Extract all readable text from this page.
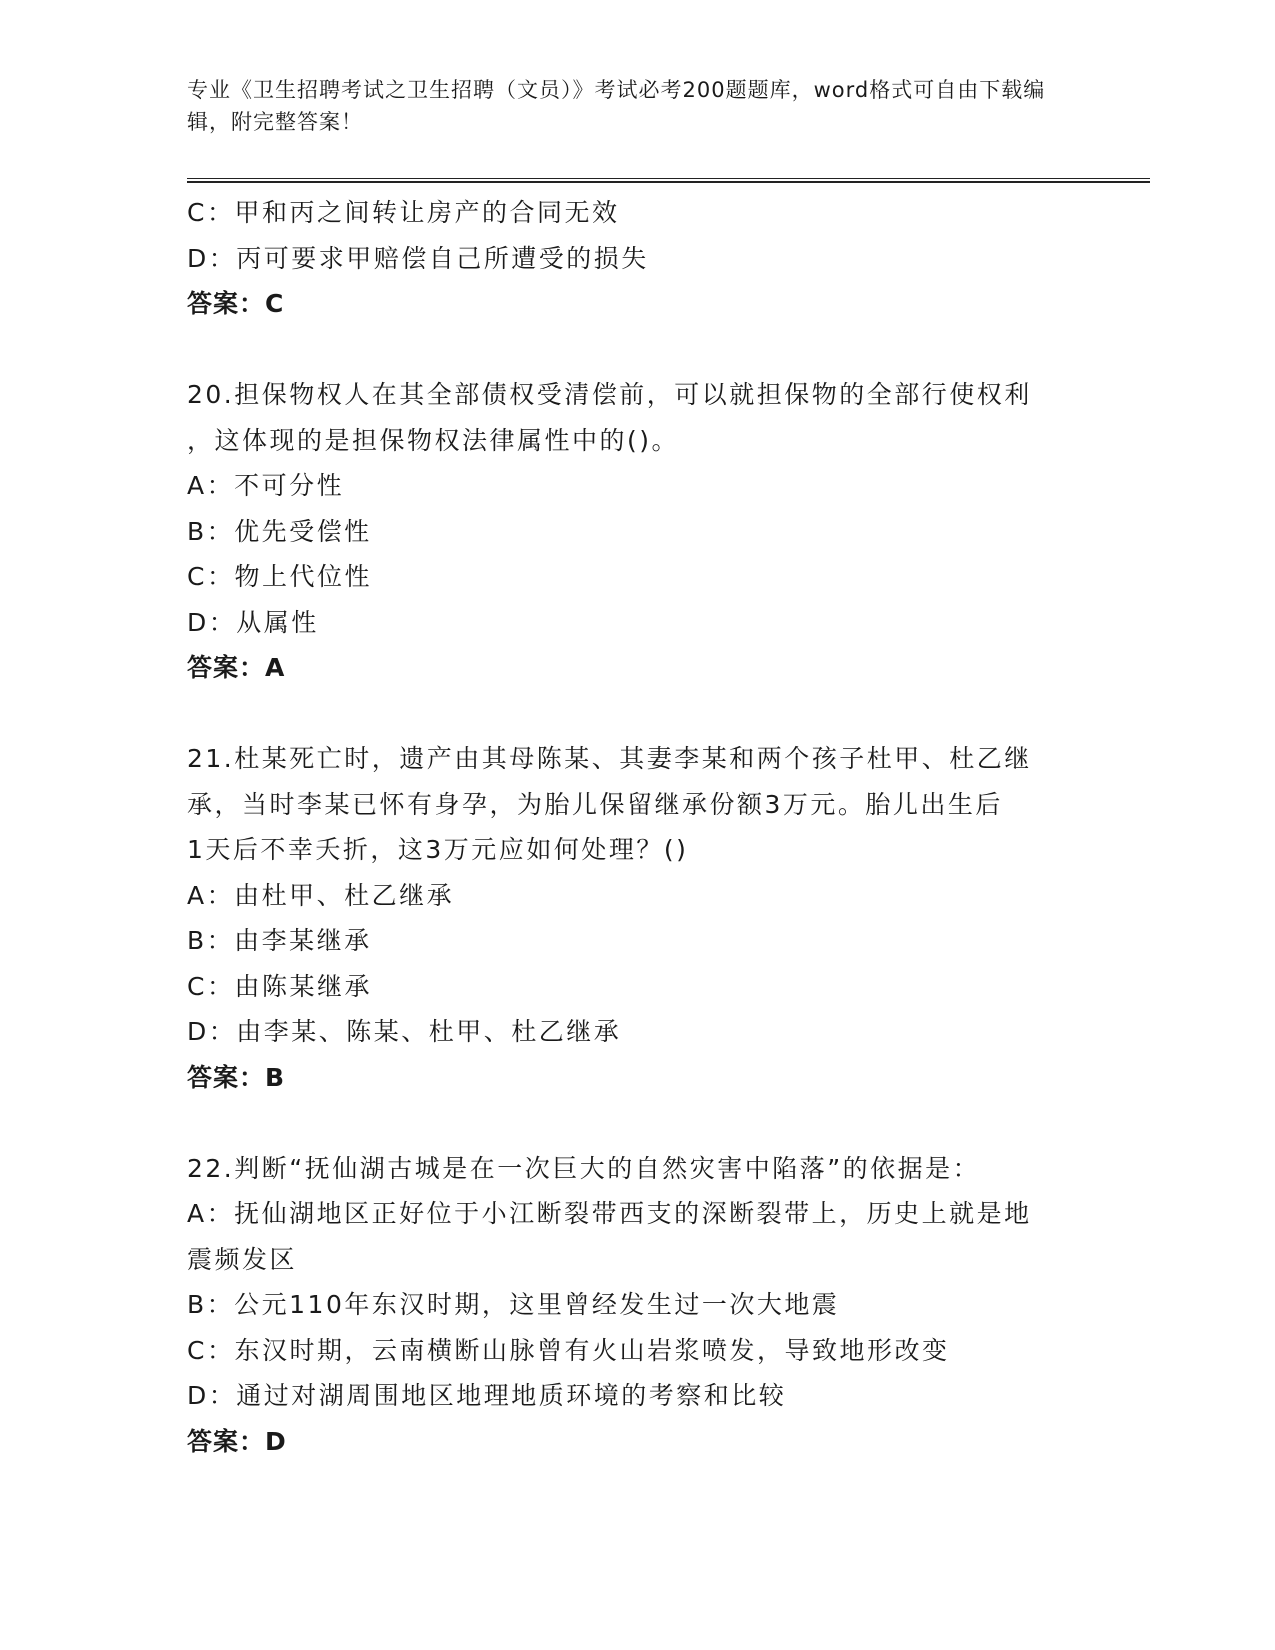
专业《卫生招聘考试之卫生招聘（文员）》考试必考200题题库，word格式可自由下载编辑，附完整答案！
C：甲和丙之间转让房产的合同无效
D：丙可要求甲赔偿自己所遭受的损失
答案：C
20.担保物权人在其全部债权受清偿前，可以就担保物的全部行使权利
，这体现的是担保物权法律属性中的()。
A：不可分性
B：优先受偿性
C：物上代位性
D：从属性
答案：A
21.杜某死亡时，遗产由其母陈某、其妻李某和两个孩子杜甲、杜乙继
承，当时李某已怀有身孕，为胎儿保留继承份额3万元。胎儿出生后
1天后不幸夭折，这3万元应如何处理？()
A：由杜甲、杜乙继承
B：由李某继承
C：由陈某继承
D：由李某、陈某、杜甲、杜乙继承
答案：B
22.判断“抚仙湖古城是在一次巨大的自然灾害中陷落”的依据是：
A：抚仙湖地区正好位于小江断裂带西支的深断裂带上，历史上就是地
震频发区
B：公元110年东汉时期，这里曾经发生过一次大地震
C：东汉时期，云南横断山脉曾有火山岩浆喷发，导致地形改变
D：通过对湖周围地区地理地质环境的考察和比较
答案：D
